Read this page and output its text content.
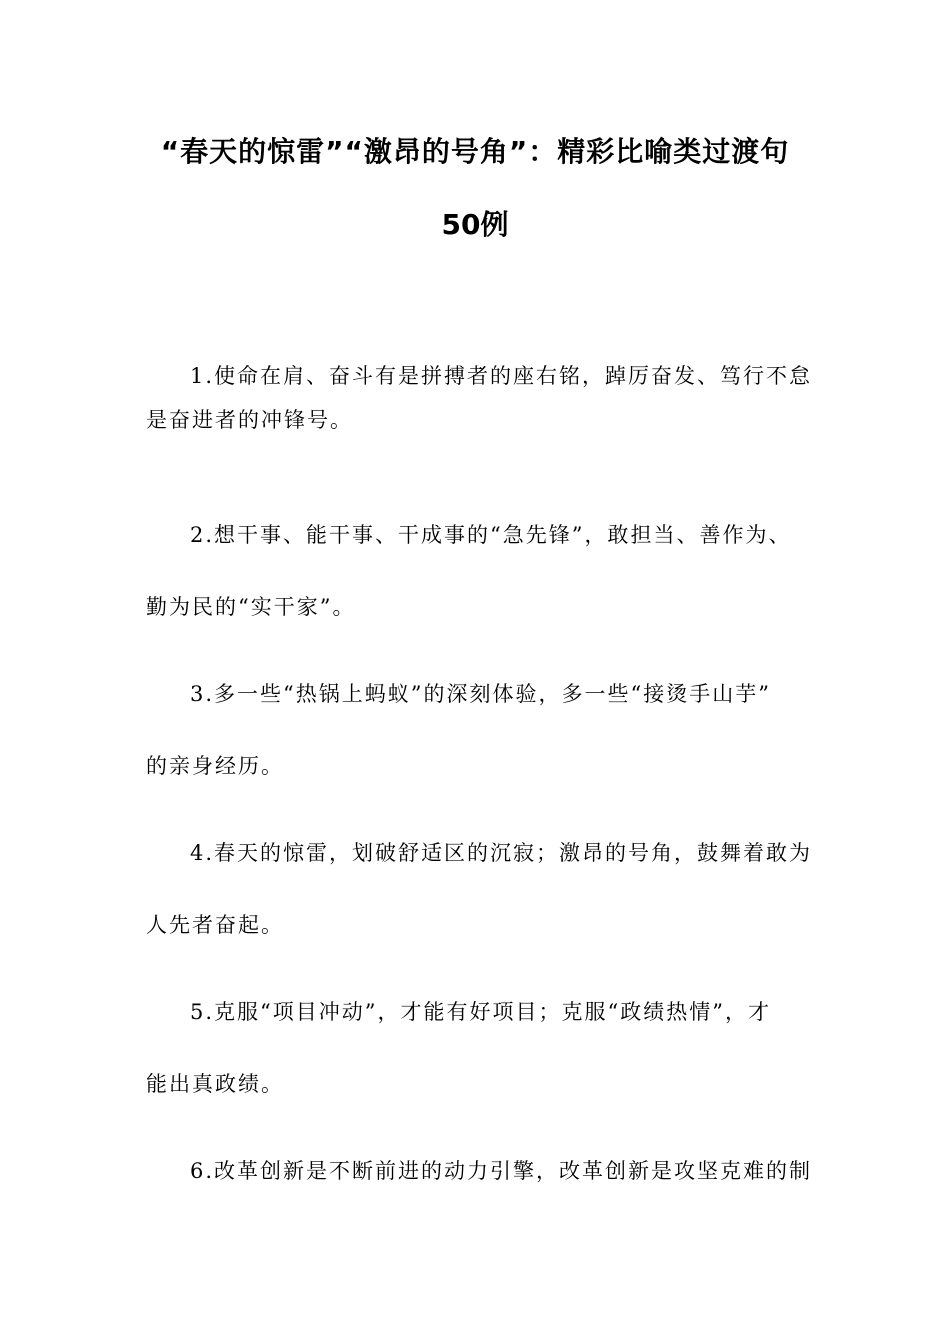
“春天的惊雷”“激昂的号角”：精彩比喻类过渡句
50例
1.使命在肩、奋斗有是拼搏者的座右铭，踔厉奋发、笃行不怠
是奋进者的冲锋号。
2.想干事、能干事、干成事的“急先锋”，敢担当、善作为、
勤为民的“实干家”。
3.多一些“热锅上蚂蚁”的深刻体验，多一些“接烫手山芋”
的亲身经历。
4.春天的惊雷，划破舒适区的沉寂；激昂的号角，鼓舞着敢为
人先者奋起。
5.克服“项目冲动”，才能有好项目；克服“政绩热情”，才
能出真政绩。
6.改革创新是不断前进的动力引擎，改革创新是攻坚克难的制
